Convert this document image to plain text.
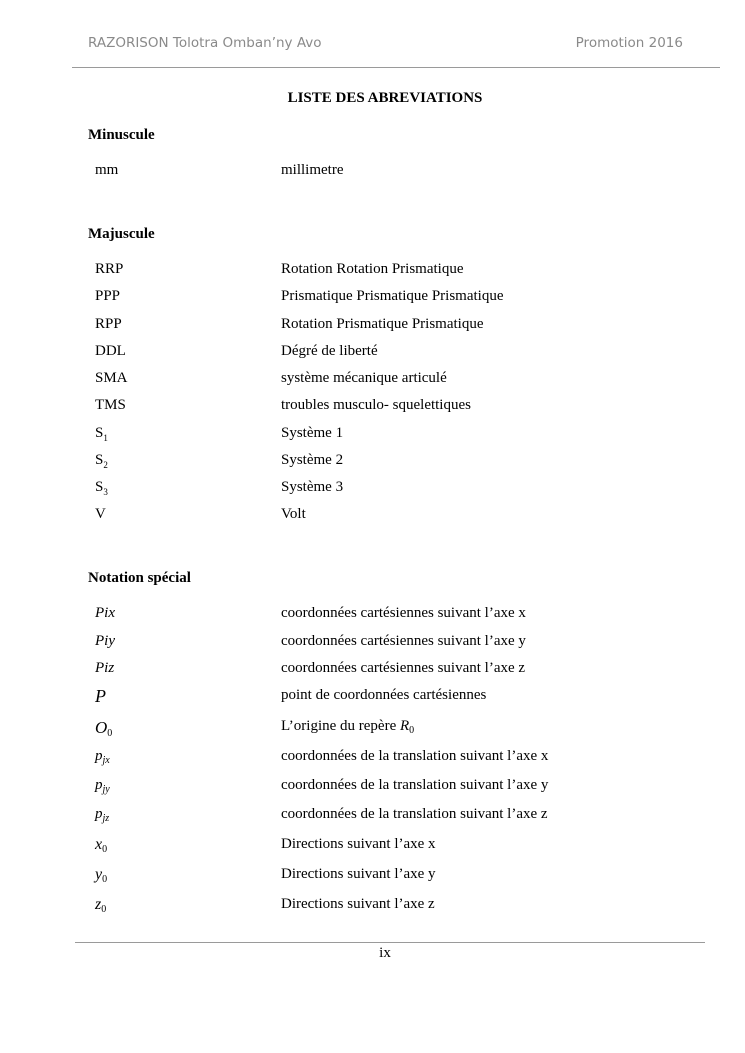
RAZORISON Tolotra Omban’ny Avo	Promotion 2016
LISTE DES ABREVIATIONS
Minuscule
mm	millimetre
Majuscule
RRP	Rotation Rotation Prismatique
PPP	Prismatique Prismatique Prismatique
RPP	Rotation Prismatique Prismatique
DDL	Dégré de liberté
SMA	système mécanique articulé
TMS	troubles musculo- squelettiques
$S_1$	Système 1
$S_2$	Système 2
$S_3$	Système 3
V	Volt
Notation spécial
Pix	coordonnées cartésiennes suivant l’axe x
Piy	coordonnées cartésiennes suivant l’axe y
Piz	coordonnées cartésiennes suivant l’axe z
P	point de coordonnées cartésiennes
O0	L’origine du repère $R_0$
$p_{jx}$	coordonnées de la translation suivant l’axe x
$p_{jy}$	coordonnées de la translation suivant l’axe y
$p_{jz}$	coordonnées de la translation suivant l’axe z
x0	Directions suivant l’axe x
y0	Directions suivant l’axe y
z0	Directions suivant l’axe z
ix
